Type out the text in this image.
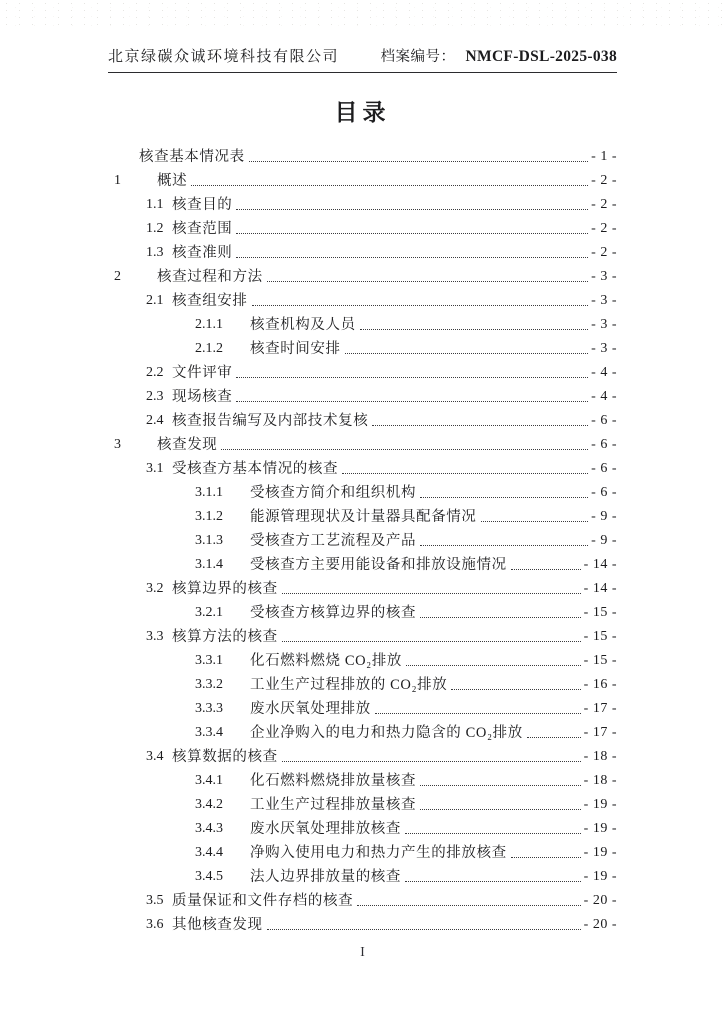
北京绿碳众诚环境科技有限公司	档案编号： NMCF-DSL-2025-038
目录
核查基本情况表	- 1 -
1	概述	- 2 -
1.1 核查目的	- 2 -
1.2 核查范围	- 2 -
1.3 核查准则	- 2 -
2	核查过程和方法	- 3 -
2.1 核查组安排	- 3 -
2.1.1	核查机构及人员	- 3 -
2.1.2	核查时间安排	- 3 -
2.2 文件评审	- 4 -
2.3 现场核查	- 4 -
2.4 核查报告编写及内部技术复核	- 6 -
3	核查发现	- 6 -
3.1 受核查方基本情况的核查	- 6 -
3.1.1	受核查方简介和组织机构	- 6 -
3.1.2	能源管理现状及计量器具配备情况	- 9 -
3.1.3	受核查方工艺流程及产品	- 9 -
3.1.4	受核查方主要用能设备和排放设施情况	- 14 -
3.2 核算边界的核查	- 14 -
3.2.1	受核查方核算边界的核查	- 15 -
3.3 核算方法的核查	- 15 -
3.3.1	化石燃料燃烧 CO₂排放	- 15 -
3.3.2	工业生产过程排放的 CO₂排放	- 16 -
3.3.3	废水厌氧处理排放	- 17 -
3.3.4	企业净购入的电力和热力隐含的 CO₂排放	- 17 -
3.4 核算数据的核查	- 18 -
3.4.1	化石燃料燃烧排放量核查	- 18 -
3.4.2	工业生产过程排放量核查	- 19 -
3.4.3	废水厌氧处理排放核查	- 19 -
3.4.4	净购入使用电力和热力产生的排放核查	- 19 -
3.4.5	法人边界排放量的核查	- 19 -
3.5 质量保证和文件存档的核查	- 20 -
3.6 其他核查发现	- 20 -
I
